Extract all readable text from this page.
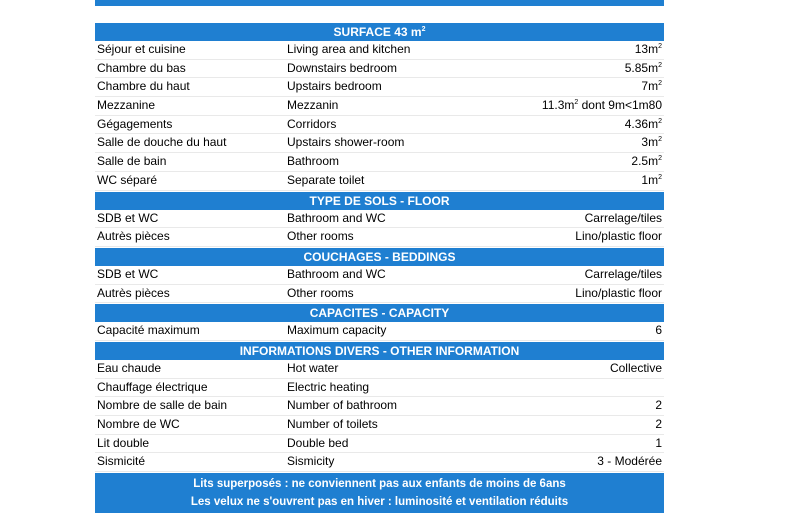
SURFACE 43 $m^2$
Séjour et cuisine	Living area and kitchen	$13m^2$
Chambre du bas	Downstairs bedroom	$5.85m^2$
Chambre du haut	Upstairs bedroom	$7m^2$
Mezzanine	Mezzanin	$11.3m^2$ dont 9m<1m80
Gégagements	Corridors	$4.36m^2$
Salle de douche du haut	Upstairs shower-room	$3m^2$
Salle de bain	Bathroom	$2.5m^2$
WC séparé	Separate toilet	$1m^2$
TYPE DE SOLS - FLOOR
SDB et WC	Bathroom and WC	Carrelage/tiles
Autrès pièces	Other rooms	Lino/plastic floor
COUCHAGES - BEDDINGS
SDB et WC	Bathroom and WC	Carrelage/tiles
Autrès pièces	Other rooms	Lino/plastic floor
CAPACITES - CAPACITY
Capacité maximum	Maximum capacity	6
INFORMATIONS DIVERS - OTHER INFORMATION
Eau chaude	Hot water	Collective
Chauffage électrique	Electric heating
Nombre de salle de bain	Number of bathroom	2
Nombre de WC	Number of toilets	2
Lit double	Double bed	1
Sismicité	Sismicity	3 - Modérée
Lits superposés : ne conviennent pas aux enfants de moins de 6ans
Les velux ne s'ouvrent pas en hiver : luminosité et ventilation réduits
